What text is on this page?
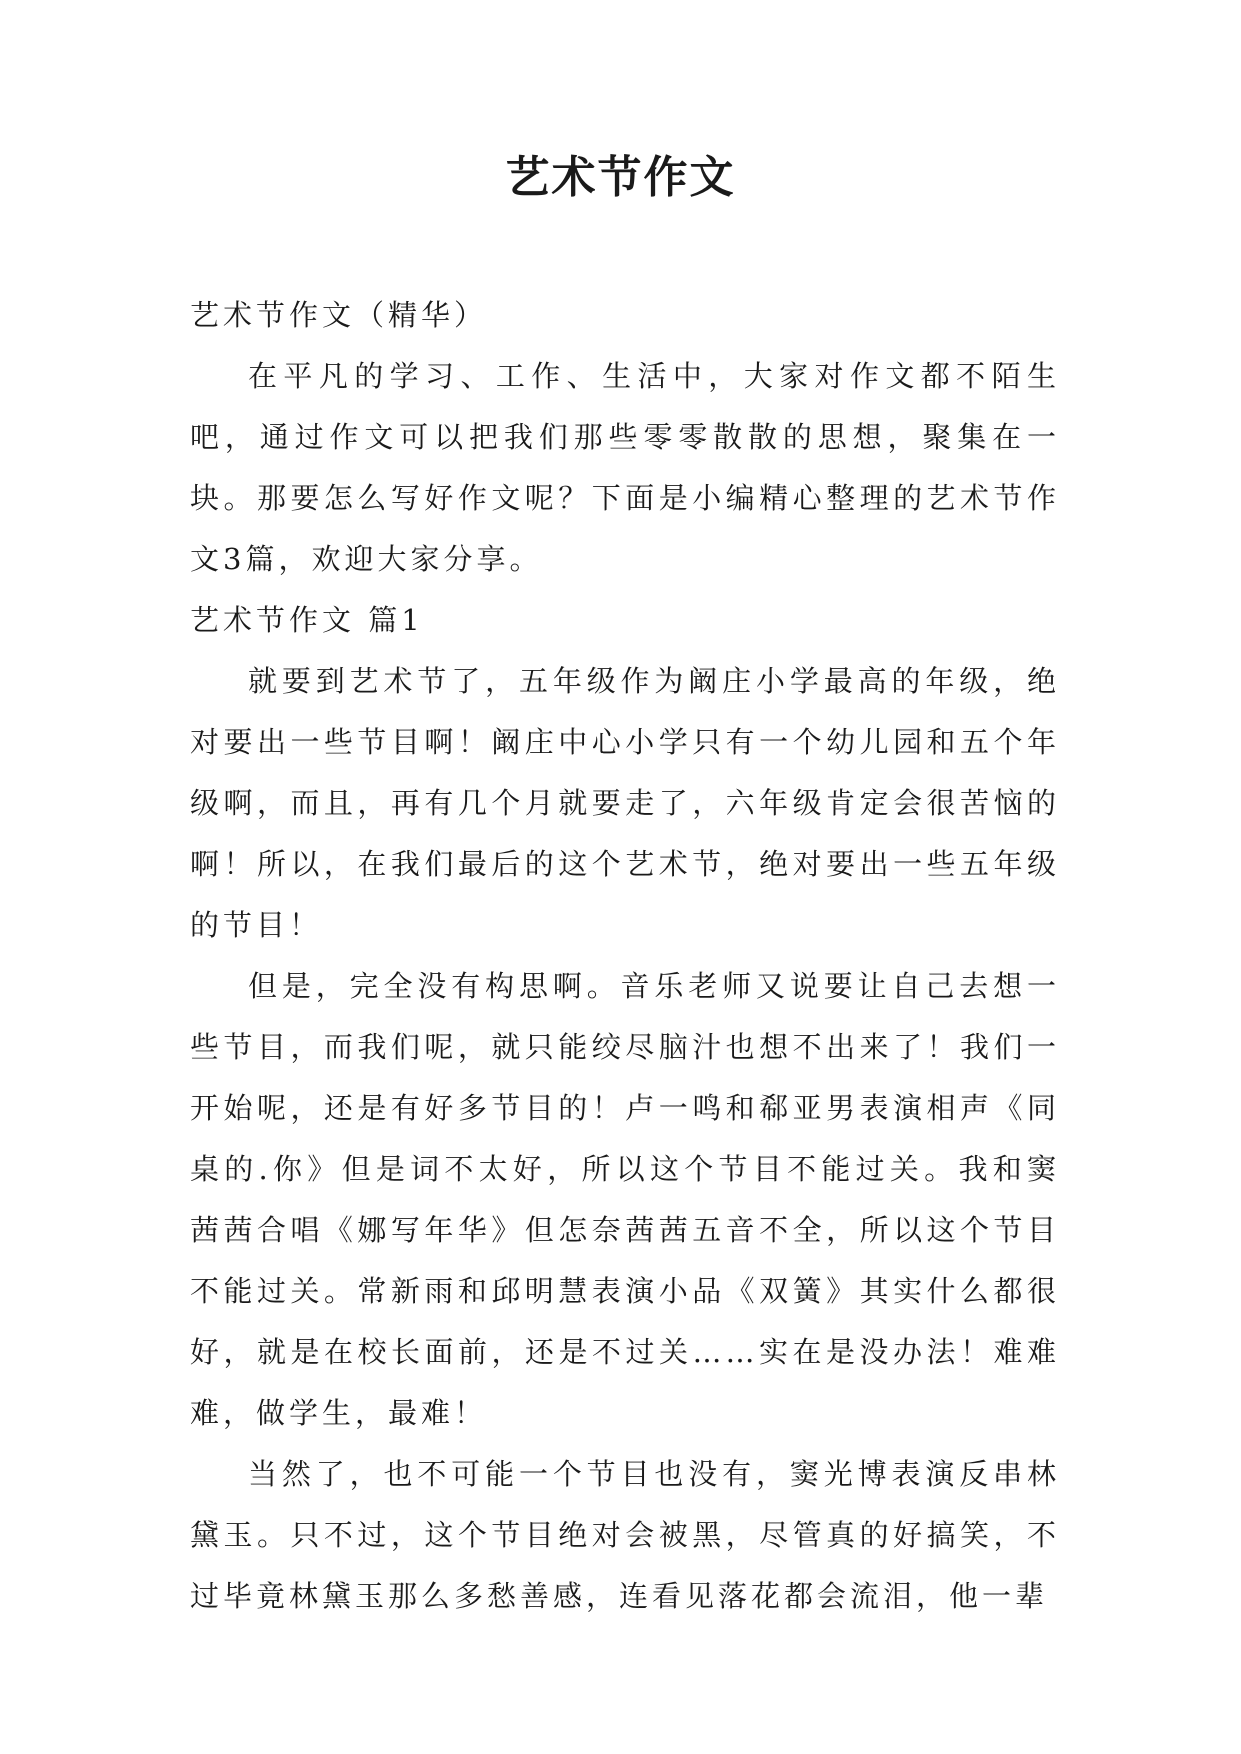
艺术节作文

艺术节作文（精华）

在平凡的学习、工作、生活中，大家对作文都不陌生吧，通过作文可以把我们那些零零散散的思想，聚集在一块。那要怎么写好作文呢？下面是小编精心整理的艺术节作文3篇，欢迎大家分享。

艺术节作文 篇1

就要到艺术节了，五年级作为阚庄小学最高的年级，绝对要出一些节目啊！阚庄中心小学只有一个幼儿园和五个年级啊，而且，再有几个月就要走了，六年级肯定会很苦恼的啊！所以，在我们最后的这个艺术节，绝对要出一些五年级的节目！

但是，完全没有构思啊。音乐老师又说要让自己去想一些节目，而我们呢，就只能绞尽脑汁也想不出来了！我们一开始呢，还是有好多节目的！卢一鸣和郗亚男表演相声《同桌的.你》但是词不太好，所以这个节目不能过关。我和窦茜茜合唱《娜写年华》但怎奈茜茜五音不全，所以这个节目不能过关。常新雨和邱明慧表演小品《双簧》其实什么都很好，就是在校长面前，还是不过关……实在是没办法！难难难，做学生，最难！

当然了，也不可能一个节目也没有，窦光博表演反串林黛玉。只不过，这个节目绝对会被黑，尽管真的好搞笑，不过毕竟林黛玉那么多愁善感，连看见落花都会流泪，他一辈
